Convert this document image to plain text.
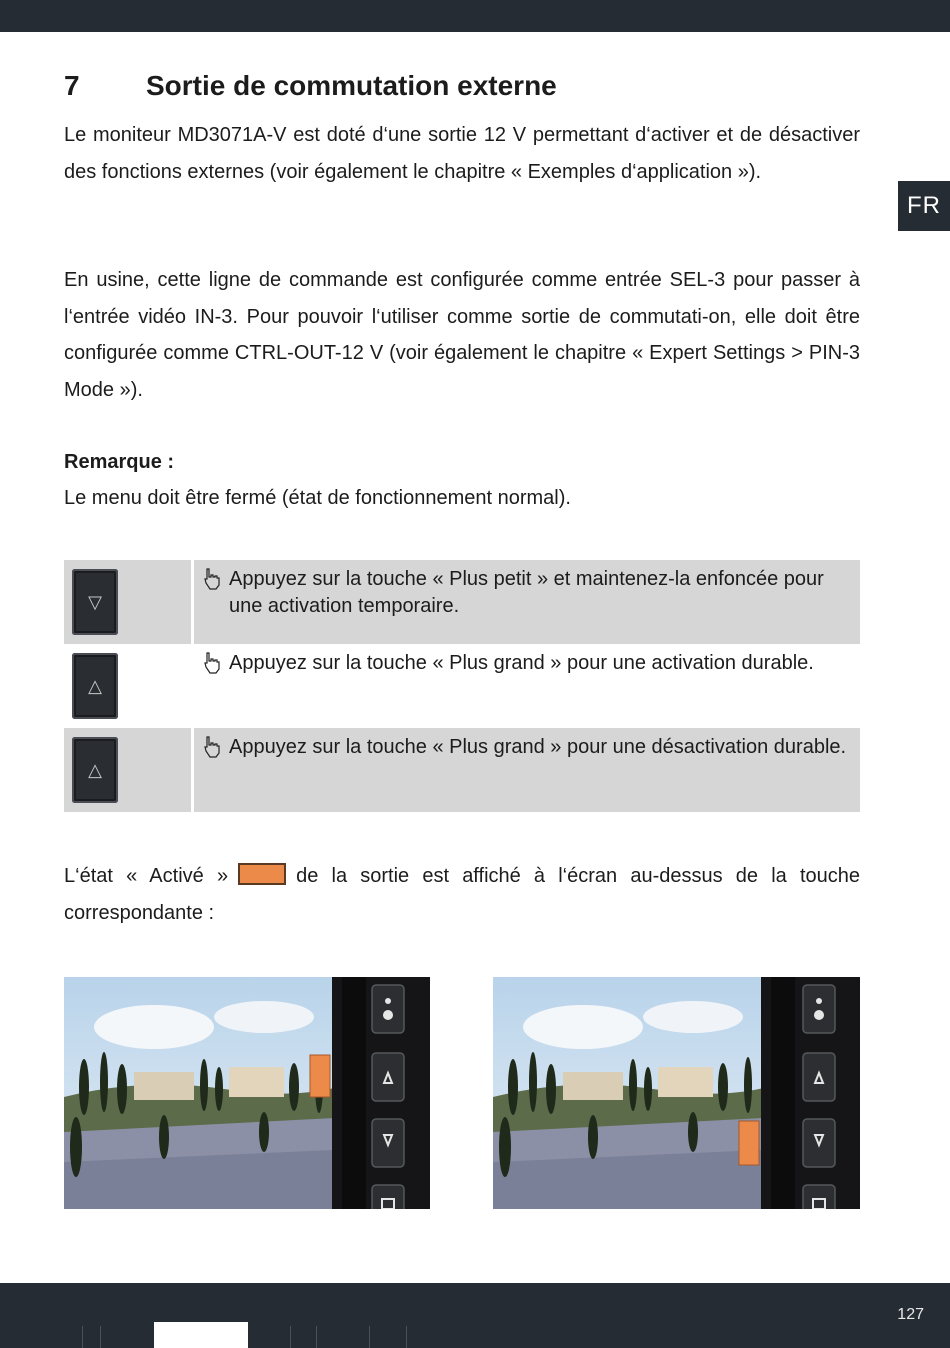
FR
7 Sortie de commutation externe

Le moniteur MD3071A-V est doté d‘une sortie 12 V permettant d‘activer et de désactiver des fonctions externes (voir également le chapitre « Exemples d‘application »).

En usine, cette ligne de commande est configurée comme entrée SEL-3 pour passer à l‘entrée vidéo IN-3. Pour pouvoir l‘utiliser comme sortie de commutati-on, elle doit être configurée comme CTRL-OUT-12 V (voir également le chapitre « Expert Settings > PIN-3 Mode »).

Remarque :

Le menu doit être fermé (état de fonctionnement normal).

▽
Appuyez sur la touche « Plus petit » et maintenez-la enfoncée pour une activation temporaire.
△
Appuyez sur la touche « Plus grand » pour une activation durable.
△
Appuyez sur la touche « Plus grand » pour une désactivation durable.

L‘état « Activé »	de la sortie est affiché à l‘écran au-dessus de la touche correspondante :

127
